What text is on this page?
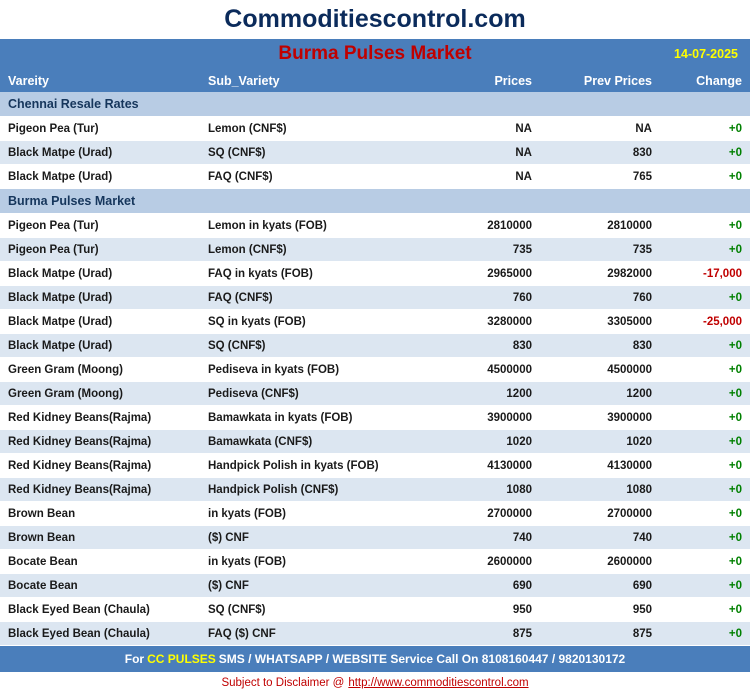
Commoditiescontrol.com
Burma Pulses Market	14-07-2025
Vareity	Sub_Variety	Prices	Prev Prices	Change
Chennai Resale Rates				
Pigeon Pea (Tur)	Lemon (CNF$)	NA	NA	+0
Black Matpe (Urad)	SQ (CNF$)	NA	830	+0
Black Matpe (Urad)	FAQ (CNF$)	NA	765	+0
Burma Pulses Market				
Pigeon Pea (Tur)	Lemon in kyats (FOB)	2810000	2810000	+0
Pigeon Pea (Tur)	Lemon (CNF$)	735	735	+0
Black Matpe (Urad)	FAQ in kyats (FOB)	2965000	2982000	-17,000
Black Matpe (Urad)	FAQ (CNF$)	760	760	+0
Black Matpe (Urad)	SQ in kyats (FOB)	3280000	3305000	-25,000
Black Matpe (Urad)	SQ (CNF$)	830	830	+0
Green Gram (Moong)	Pediseva in kyats (FOB)	4500000	4500000	+0
Green Gram (Moong)	Pediseva (CNF$)	1200	1200	+0
Red Kidney Beans(Rajma)	Bamawkata in kyats (FOB)	3900000	3900000	+0
Red Kidney Beans(Rajma)	Bamawkata (CNF$)	1020	1020	+0
Red Kidney Beans(Rajma)	Handpick Polish in kyats (FOB)	4130000	4130000	+0
Red Kidney Beans(Rajma)	Handpick Polish (CNF$)	1080	1080	+0
Brown Bean	in kyats (FOB)	2700000	2700000	+0
Brown Bean	($) CNF	740	740	+0
Bocate Bean	in kyats (FOB)	2600000	2600000	+0
Bocate Bean	($) CNF	690	690	+0
Black Eyed Bean (Chaula)	SQ (CNF$)	950	950	+0
Black Eyed Bean (Chaula)	FAQ ($) CNF	875	875	+0
For CC PULSES SMS / WHATSAPP / WEBSITE Service Call On 8108160447 / 9820130172
Subject to Disclaimer @ http://www.commoditiescontrol.com
